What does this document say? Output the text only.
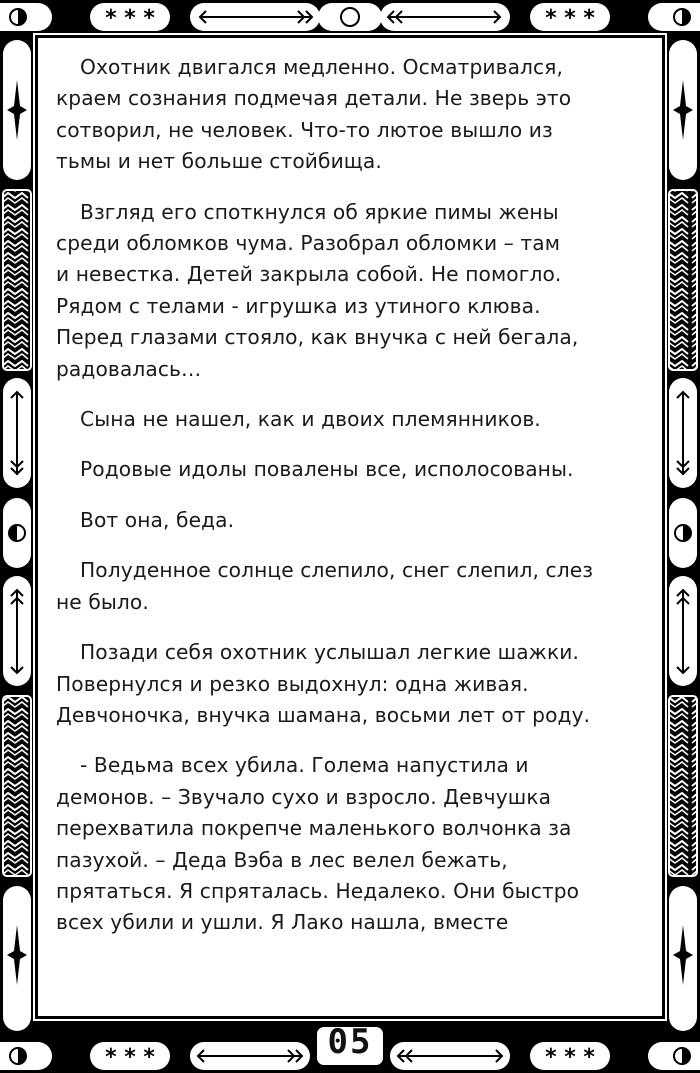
* * *	* * *
* * *	* * *

Охотник двигался медленно. Осматривался,
краем сознания подмечая детали. Не зверь это
сотворил, не человек. Что-то лютое вышло из
тьмы и нет больше стойбища.

Взгляд его споткнулся об яркие пимы жены
среди обломков чума. Разобрал обломки – там
и невестка. Детей закрыла собой. Не помогло.
Рядом с телами - игрушка из утиного клюва.
Перед глазами стояло, как внучка с ней бегала,
радовалась…

Сына не нашел, как и двоих племянников.

Родовые идолы повалены все, исполосованы.

Вот она, беда.

Полуденное солнце слепило, снег слепил, слез
не было.

Позади себя охотник услышал легкие шажки.
Повернулся и резко выдохнул: одна живая.
Девчоночка, внучка шамана, восьми лет от роду.

- Ведьма всех убила. Голема напустила и
демонов. – Звучало сухо и взросло. Девчушка
перехватила покрепче маленького волчонка за
пазухой. – Деда Вэба в лес велел бежать,
прятаться. Я спряталась. Недалеко. Они быстро
всех убили и ушли. Я Лако нашла, вместе

05
